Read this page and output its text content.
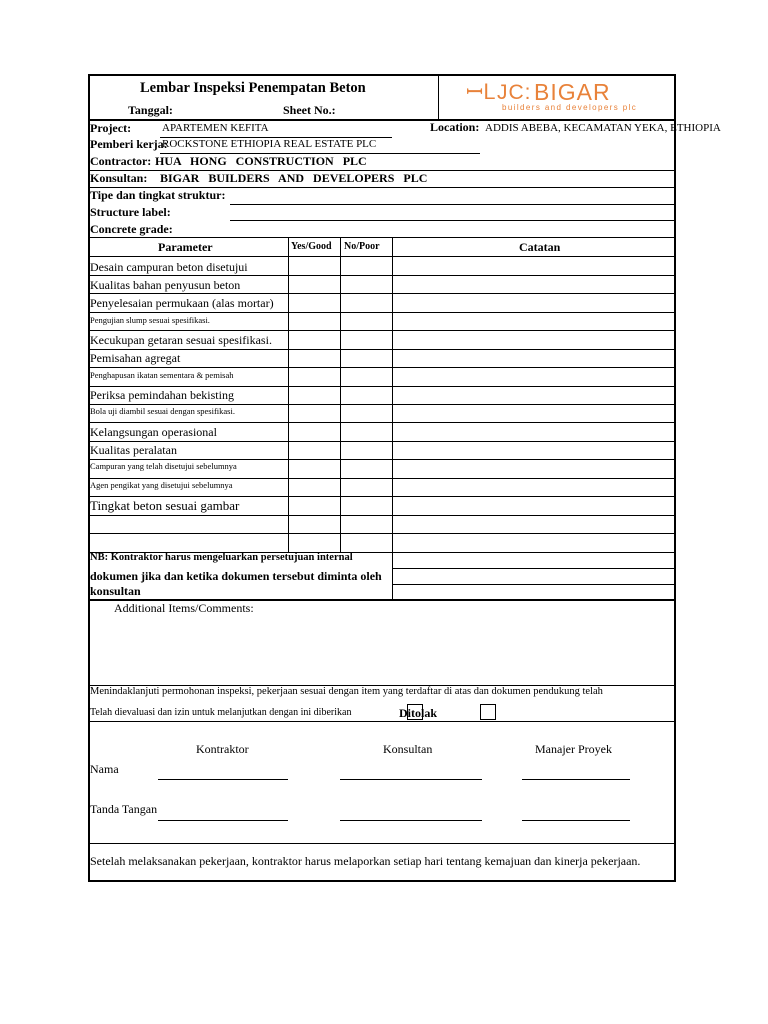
Lembar Inspeksi Penempatan Beton
Tanggal:	Sheet No.:
ꟷᏞJC: BIGAR
builders and developers plc
Project:	APARTEMEN KEFITA	Location: ADDIS ABEBA, KECAMATAN YEKA, ETHIOPIA
Pemberi kerja:
ROCKSTONE ETHIOPIA REAL ESTATE PLC
Contractor: HUA   HONG   CONSTRUCTION   PLC
Konsultan: BIGAR   BUILDERS   AND   DEVELOPERS   PLC
Tipe dan tingkat struktur:
Structure label:
Concrete grade:
Parameter	Yes/Good No/Poor	Catatan
Desain campuran beton disetujui
Kualitas bahan penyusun beton
Penyelesaian permukaan (alas mortar)
Pengujian slump sesuai spesifikasi.
Kecukupan getaran sesuai spesifikasi.
Pemisahan agregat
Penghapusan ikatan sementara & pemisah
Periksa pemindahan bekisting
Bola uji diambil sesuai dengan spesifikasi.
Kelangsungan operasional
Kualitas peralatan
Campuran yang telah disetujui sebelumnya
Agen pengikat yang disetujui sebelumnya
Tingkat beton sesuai gambar
NB: Kontraktor harus mengeluarkan persetujuan internal
dokumen jika dan ketika dokumen tersebut diminta oleh
konsultan
Additional Items/Comments:
Menindaklanjuti permohonan inspeksi, pekerjaan sesuai dengan item yang terdaftar di atas dan dokumen pendukung telah
Telah dievaluasi dan izin untuk melanjutkan dengan ini diberikan	Ditolak
Kontraktor	Konsultan	Manajer Proyek
Nama
Tanda Tangan
Setelah melaksanakan pekerjaan, kontraktor harus melaporkan setiap hari tentang kemajuan dan kinerja pekerjaan.
